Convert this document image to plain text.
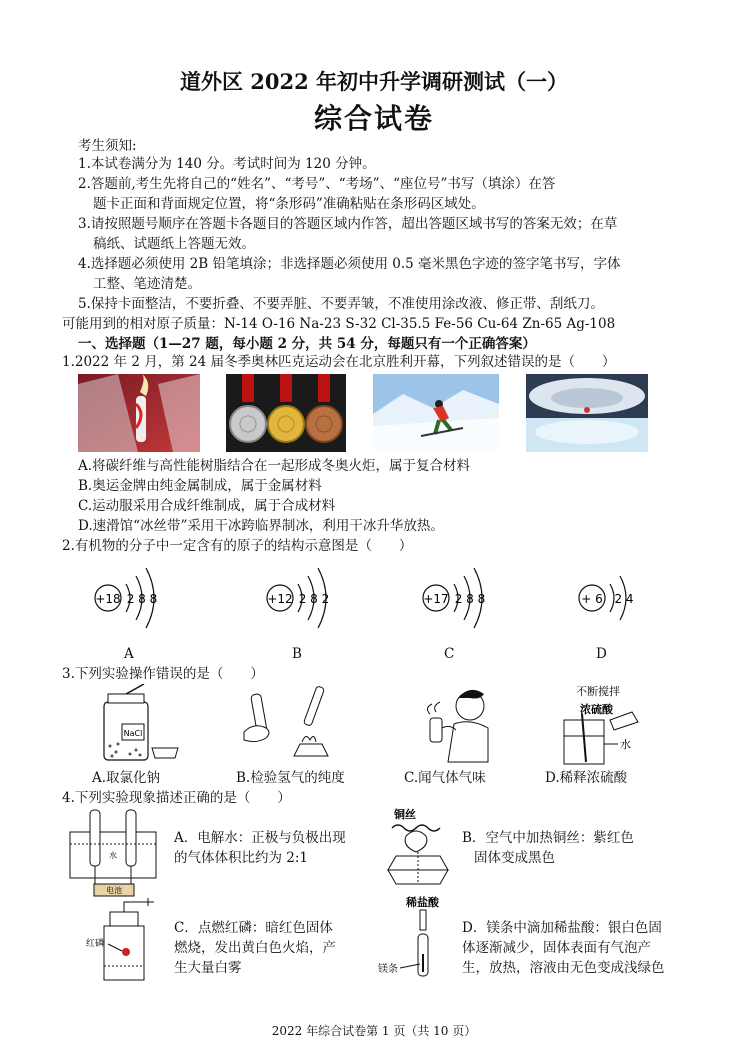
道外区 2022 年初中升学调研测试（一）
综合试卷
考生须知:
1.本试卷满分为 140 分。考试时间为 120 分钟。
2.答题前,考生先将自己的“姓名”、“考号”、“考场”、“座位号”书写（填涂）在答
题卡正面和背面规定位置，将“条形码”准确粘贴在条形码区域处。
3.请按照题号顺序在答题卡各题目的答题区域内作答，超出答题区域书写的答案无效；在草
稿纸、试题纸上答题无效。
4.选择题必须使用 2B 铅笔填涂；非选择题必须使用 0.5 毫米黑色字迹的签字笔书写，字体
工整、笔迹清楚。
5.保持卡面整洁，不要折叠、不要弄脏、不要弄皱，不准使用涂改液、修正带、刮纸刀。
可能用到的相对原子质量：N-14 O-16 Na-23 S-32 Cl-35.5 Fe-56 Cu-64 Zn-65 Ag-108
一、选择题（1—27 题，每小题 2 分，共 54 分，每题只有一个正确答案）
1.2022 年 2 月，第 24 届冬季奥林匹克运动会在北京胜利开幕，下列叙述错误的是（　　）
A.将碳纤维与高性能树脂结合在一起形成冬奥火炬，属于复合材料
B.奥运金牌由纯金属制成，属于金属材料
C.运动服采用合成纤维制成，属于合成材料
D.速滑馆“冰丝带”采用干冰跨临界制冰，利用干冰升华放热。
2.有机物的分子中一定含有的原子的结构示意图是（　　）
+18 2 8 8
A
+12 2 8 2
B
+17 2 8 8
C
+ 6 2 4
D
3.下列实验操作错误的是（　　）
NaCl
不断搅拌
浓硫酸
水
A.取氯化钠	B.检验氢气的纯度	C.闻气体气味	D.稀释浓硫酸
4.下列实验现象描述正确的是（　　）
水
电池
A．电解水：正极与负极出现
的气体体积比约为 2:1
铜丝
B．空气中加热铜丝：紫红色
固体变成黑色
红磷
C．点燃红磷：暗红色固体
燃烧，发出黄白色火焰，产
生大量白雾
稀盐酸
镁条
D．镁条中滴加稀盐酸：银白色固
体逐渐减少，固体表面有气泡产
生，放热，溶液由无色变成浅绿色
2022 年综合试卷第 1 页（共 10 页）
